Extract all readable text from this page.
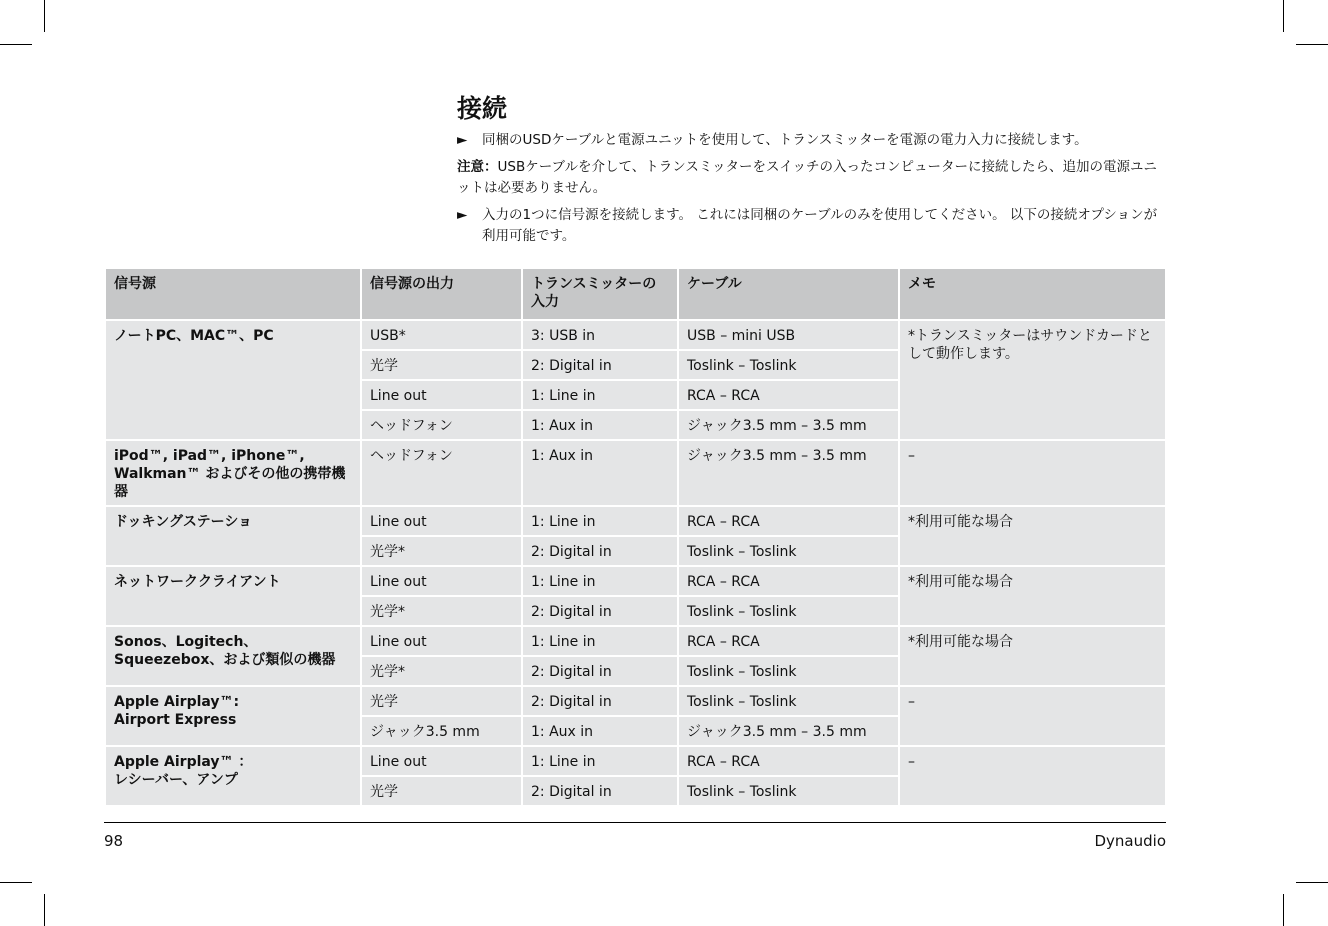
接続
► 同梱のUSDケーブルと電源ユニットを使用して、トランスミッターを電源の電力入力に接続します。
注意：USBケーブルを介して、トランスミッターをスイッチの入ったコンピューターに接続したら、追加の電源ユニットは必要ありません。
► 入力の1つに信号源を接続します。 これには同梱のケーブルのみを使用してください。 以下の接続オプションが利用可能です。
信号源	信号源の出力	トランスミッターの入力	ケーブル	メモ
ノートPC、MAC™、PC	USB*	3: USB in	USB – mini USB	*トランスミッターはサウンドカードとして動作します。
	光学	2: Digital in	Toslink – Toslink	
	Line out	1: Line in	RCA – RCA	
	ヘッドフォン	1: Aux in	ジャック3.5 mm – 3.5 mm	
iPod™, iPad™, iPhone™, Walkman™ およびその他の携帯機器	ヘッドフォン	1: Aux in	ジャック3.5 mm – 3.5 mm	–
ドッキングステーショ	Line out	1: Line in	RCA – RCA	*利用可能な場合
	光学*	2: Digital in	Toslink – Toslink	
ネットワーククライアント	Line out	1: Line in	RCA – RCA	*利用可能な場合
	光学*	2: Digital in	Toslink – Toslink	
Sonos、Logitech、Squeezebox、および類似の機器	Line out	1: Line in	RCA – RCA	*利用可能な場合
	光学*	2: Digital in	Toslink – Toslink	

Apple Airplay™:
Airport Express	光学	2: Digital in	Toslink – Toslink	–
	ジャック3.5 mm	1: Aux in	ジャック3.5 mm – 3.5 mm	

Apple Airplay™ ：
レシーバー、アンプ	Line out	1: Line in	RCA – RCA	–
	光学	2: Digital in	Toslink – Toslink	
98	Dynaudio
